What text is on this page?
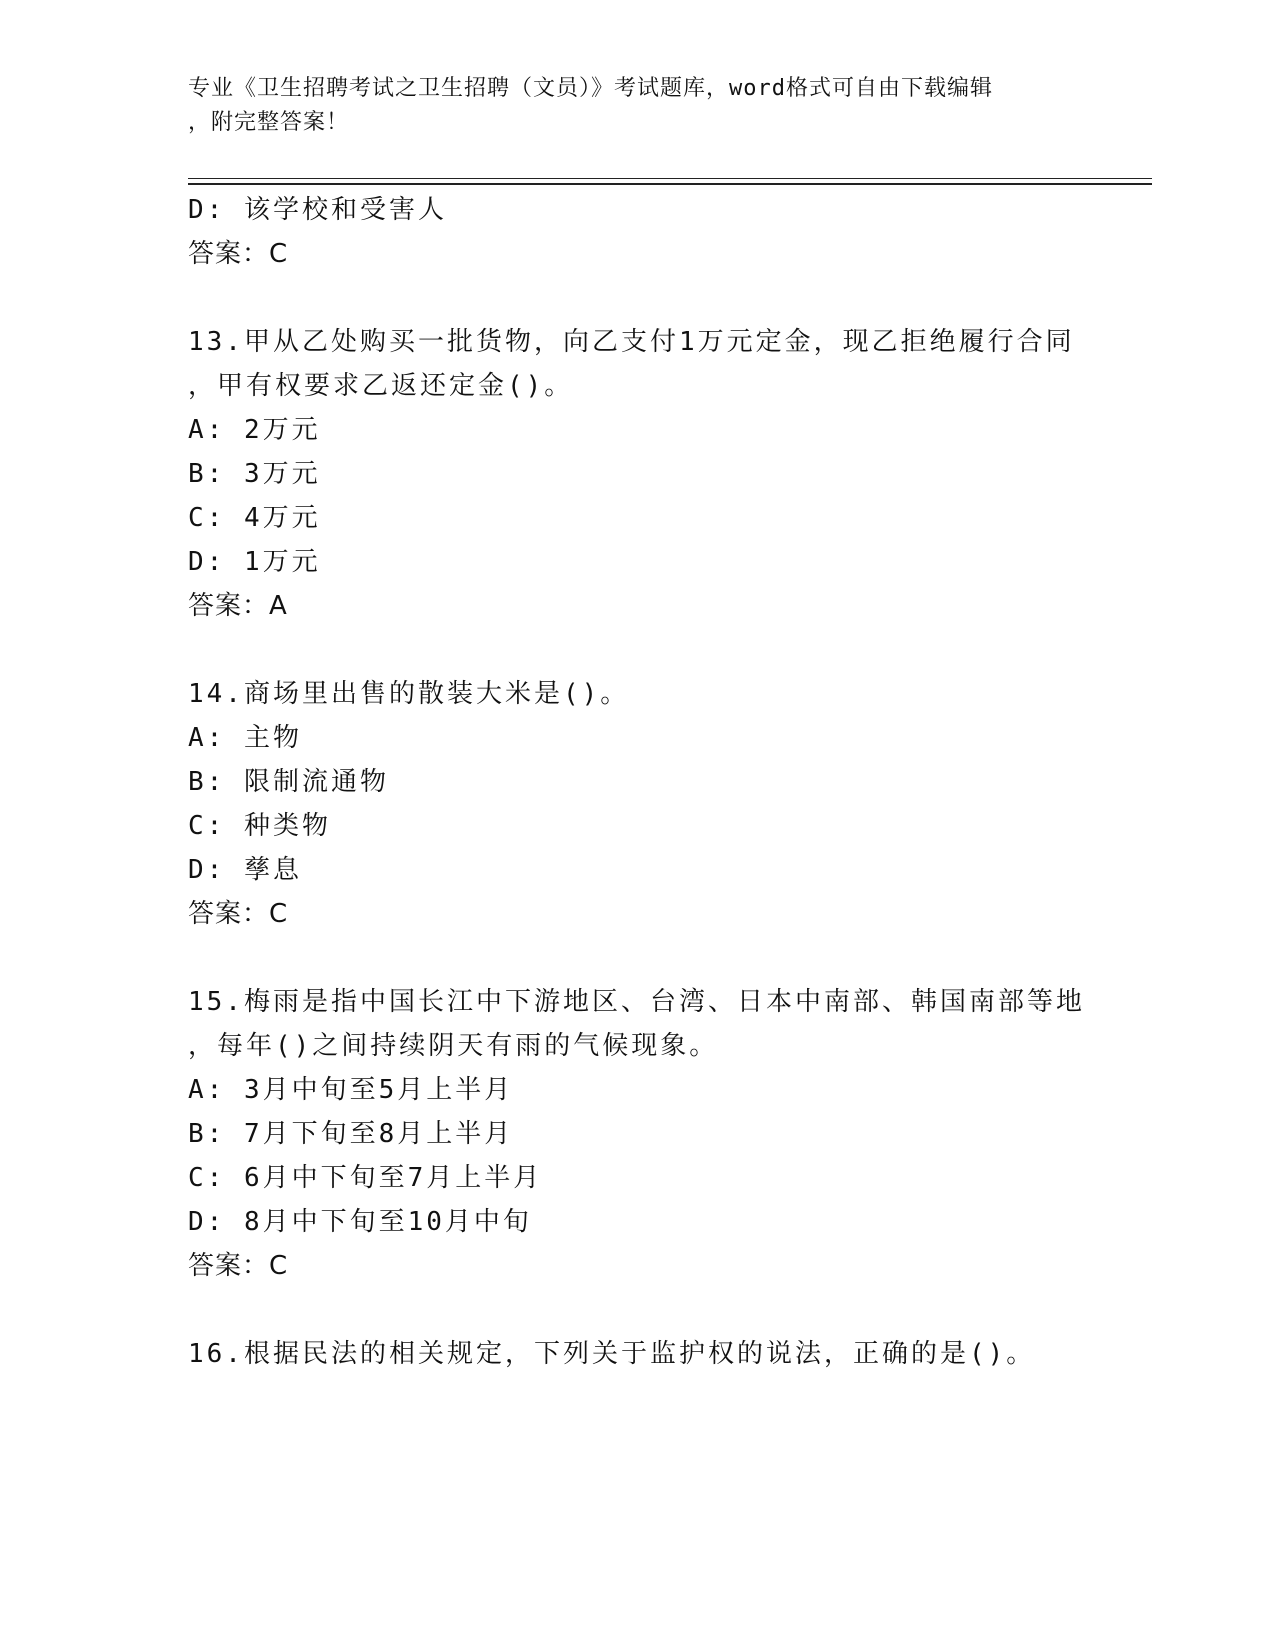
专业《卫生招聘考试之卫生招聘（文员）》考试题库，word格式可自由下载编辑
，附完整答案！
D: 该学校和受害人
答案：C
13.甲从乙处购买一批货物，向乙支付1万元定金，现乙拒绝履行合同
，甲有权要求乙返还定金()。
A: 2万元
B: 3万元
C: 4万元
D: 1万元
答案：A
14.商场里出售的散装大米是()。
A: 主物
B: 限制流通物
C: 种类物
D: 孳息
答案：C
15.梅雨是指中国长江中下游地区、台湾、日本中南部、韩国南部等地
，每年()之间持续阴天有雨的气候现象。
A: 3月中旬至5月上半月
B: 7月下旬至8月上半月
C: 6月中下旬至7月上半月
D: 8月中下旬至10月中旬
答案：C
16.根据民法的相关规定，下列关于监护权的说法，正确的是()。
